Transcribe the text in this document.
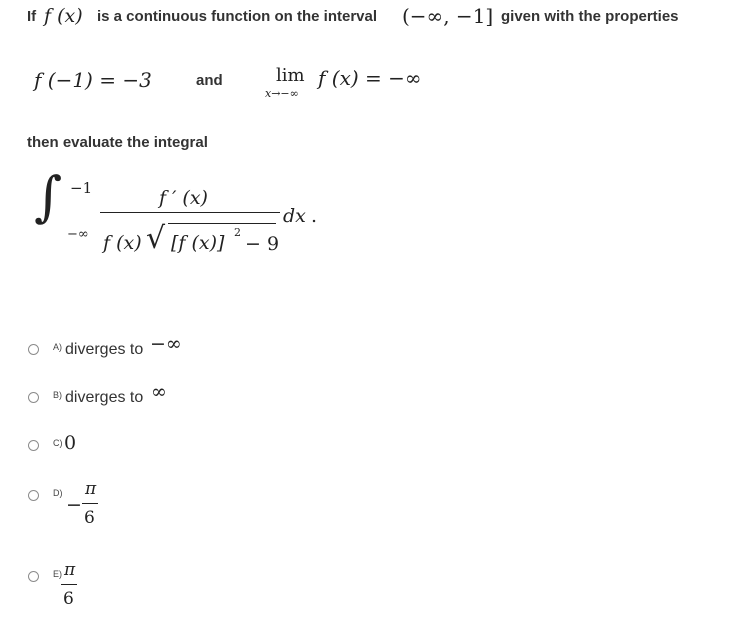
If f (x) is a continuous function on the interval (−∞, −1] given with the properties
f (−1) = −3	and	lim
x→−∞
f (x) = −∞
then evaluate the integral
∫ −1
−∞
f ′ (x)
f (x) √ [f (x)] 2
− 9
dx .
A) diverges to −∞
B) diverges to ∞
C) 0
D)
−
π
6
E) π
6
